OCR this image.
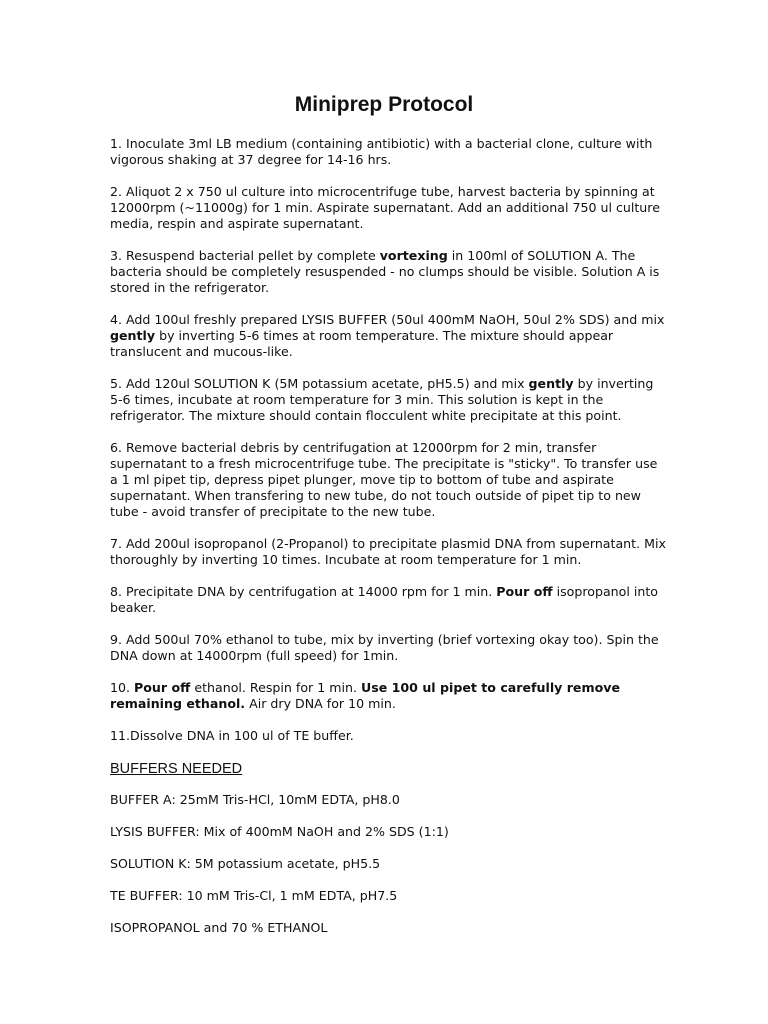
Miniprep Protocol
1. Inoculate 3ml LB medium (containing antibiotic) with a bacterial clone, culture with vigorous shaking at 37 degree for 14-16 hrs.
2. Aliquot 2 x 750 ul culture into microcentrifuge tube, harvest bacteria by spinning at 12000rpm (~11000g) for 1 min. Aspirate supernatant. Add an additional 750 ul culture media, respin and aspirate supernatant.
3. Resuspend bacterial pellet by complete vortexing in 100ml of SOLUTION A. The bacteria should be completely resuspended - no clumps should be visible. Solution A is stored in the refrigerator.
4. Add 100ul freshly prepared LYSIS BUFFER (50ul 400mM NaOH, 50ul 2% SDS) and mix gently by inverting 5-6 times at room temperature. The mixture should appear translucent and mucous-like.
5. Add 120ul SOLUTION K (5M potassium acetate, pH5.5) and mix gently by inverting 5-6 times, incubate at room temperature for 3 min. This solution is kept in the refrigerator. The mixture should contain flocculent white precipitate at this point.
6. Remove bacterial debris by centrifugation at 12000rpm for 2 min, transfer supernatant to a fresh microcentrifuge tube. The precipitate is "sticky". To transfer use a 1 ml pipet tip, depress pipet plunger, move tip to bottom of tube and aspirate supernatant. When transfering to new tube, do not touch outside of pipet tip to new tube - avoid transfer of precipitate to the new tube.
7. Add 200ul isopropanol (2-Propanol) to precipitate plasmid DNA from supernatant. Mix thoroughly by inverting 10 times. Incubate at room temperature for 1 min.
8. Precipitate DNA by centrifugation at 14000 rpm for 1 min. Pour off isopropanol into beaker.
9. Add 500ul 70% ethanol to tube, mix by inverting (brief vortexing okay too). Spin the DNA down at 14000rpm (full speed) for 1min.
10. Pour off ethanol. Respin for 1 min. Use 100 ul pipet to carefully remove remaining ethanol. Air dry DNA for 10 min.
11.Dissolve DNA in 100 ul of TE buffer.
BUFFERS NEEDED
BUFFER A: 25mM Tris-HCl, 10mM EDTA, pH8.0
LYSIS BUFFER: Mix of 400mM NaOH and 2% SDS (1:1)
SOLUTION K: 5M potassium acetate, pH5.5
TE BUFFER: 10 mM Tris-Cl, 1 mM EDTA, pH7.5
ISOPROPANOL and 70 % ETHANOL
